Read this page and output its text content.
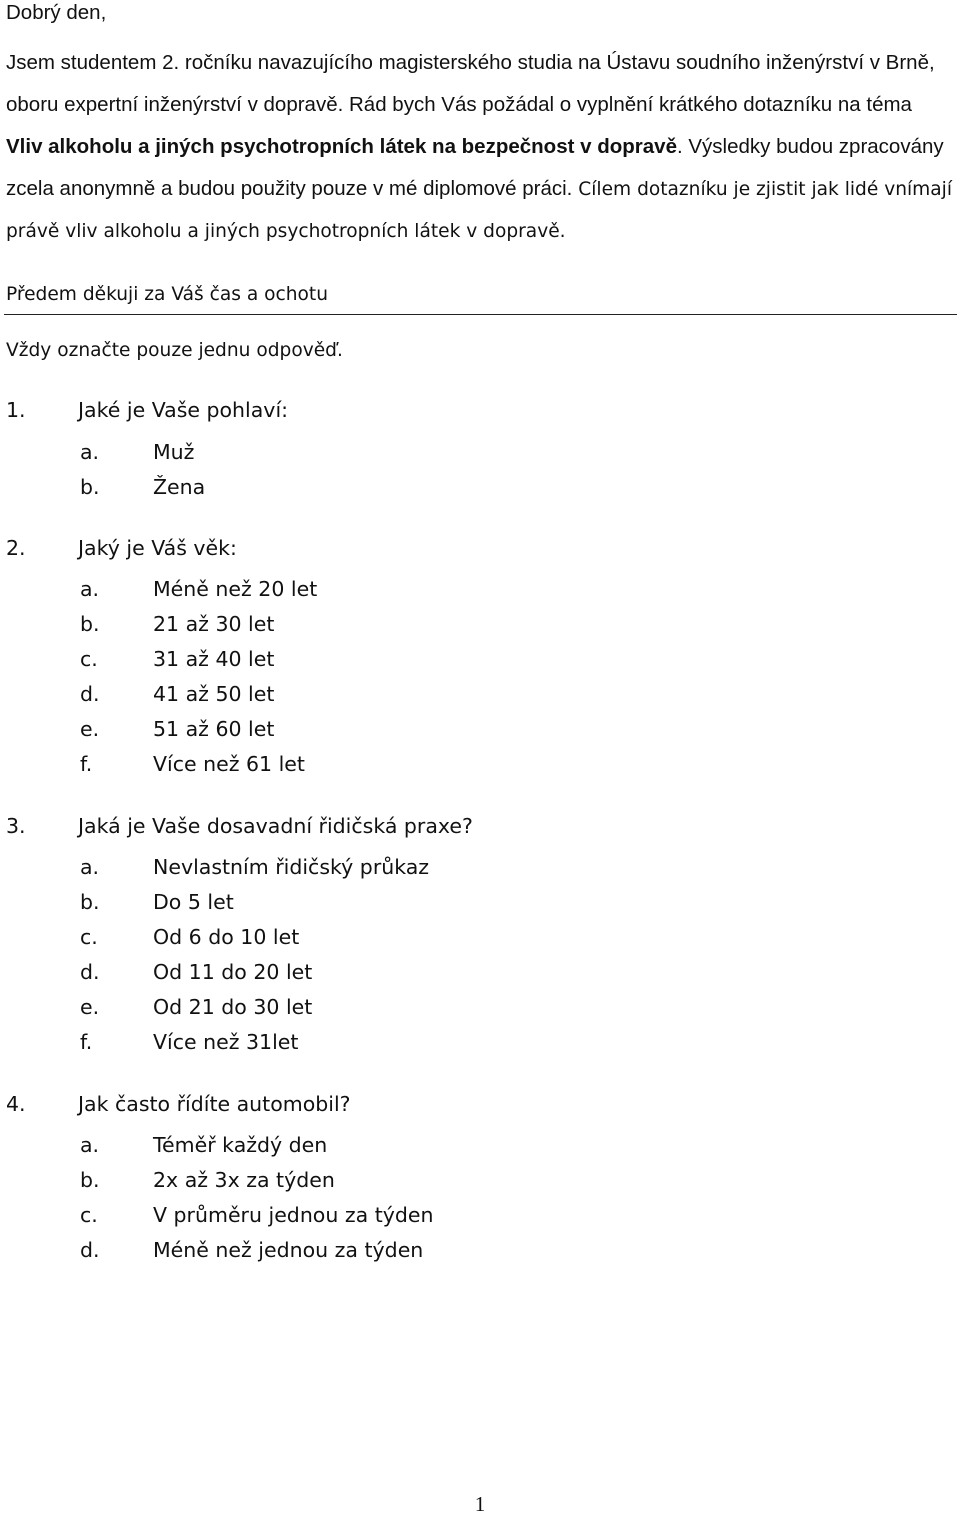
Dobrý den,
Jsem studentem 2. ročníku navazujícího magisterského studia na Ústavu soudního inženýrství v Brně,
oboru expertní inženýrství v dopravě. Rád bych Vás požádal o vyplnění krátkého dotazníku na téma
Vliv alkoholu a jiných psychotropních látek na bezpečnost v dopravě. Výsledky budou zpracovány
zcela anonymně a budou použity pouze v mé diplomové práci. Cílem dotazníku je zjistit jak lidé vnímají
právě vliv alkoholu a jiných psychotropních látek v dopravě.
Předem děkuji za Váš čas a ochotu
Vždy označte pouze jednu odpověď.
1.	Jaké je Vaše pohlaví:
a.	Muž
b.	Žena
2.	Jaký je Váš věk:
a.	Méně než 20 let
b.	21 až 30 let
c.	31 až 40 let
d.	41 až 50 let
e.	51 až 60 let
f.	Více než 61 let
3.	Jaká je Vaše dosavadní řidičská praxe?
a.	Nevlastním řidičský průkaz
b.	Do 5 let
c.	Od 6 do 10 let
d.	Od 11 do 20 let
e.	Od 21 do 30 let
f.	Více než 31let
4.	Jak často řídíte automobil?
a.	Téměř každý den
b.	2x až 3x za týden
c.	V průměru jednou za týden
d.	Méně než jednou za týden
1
